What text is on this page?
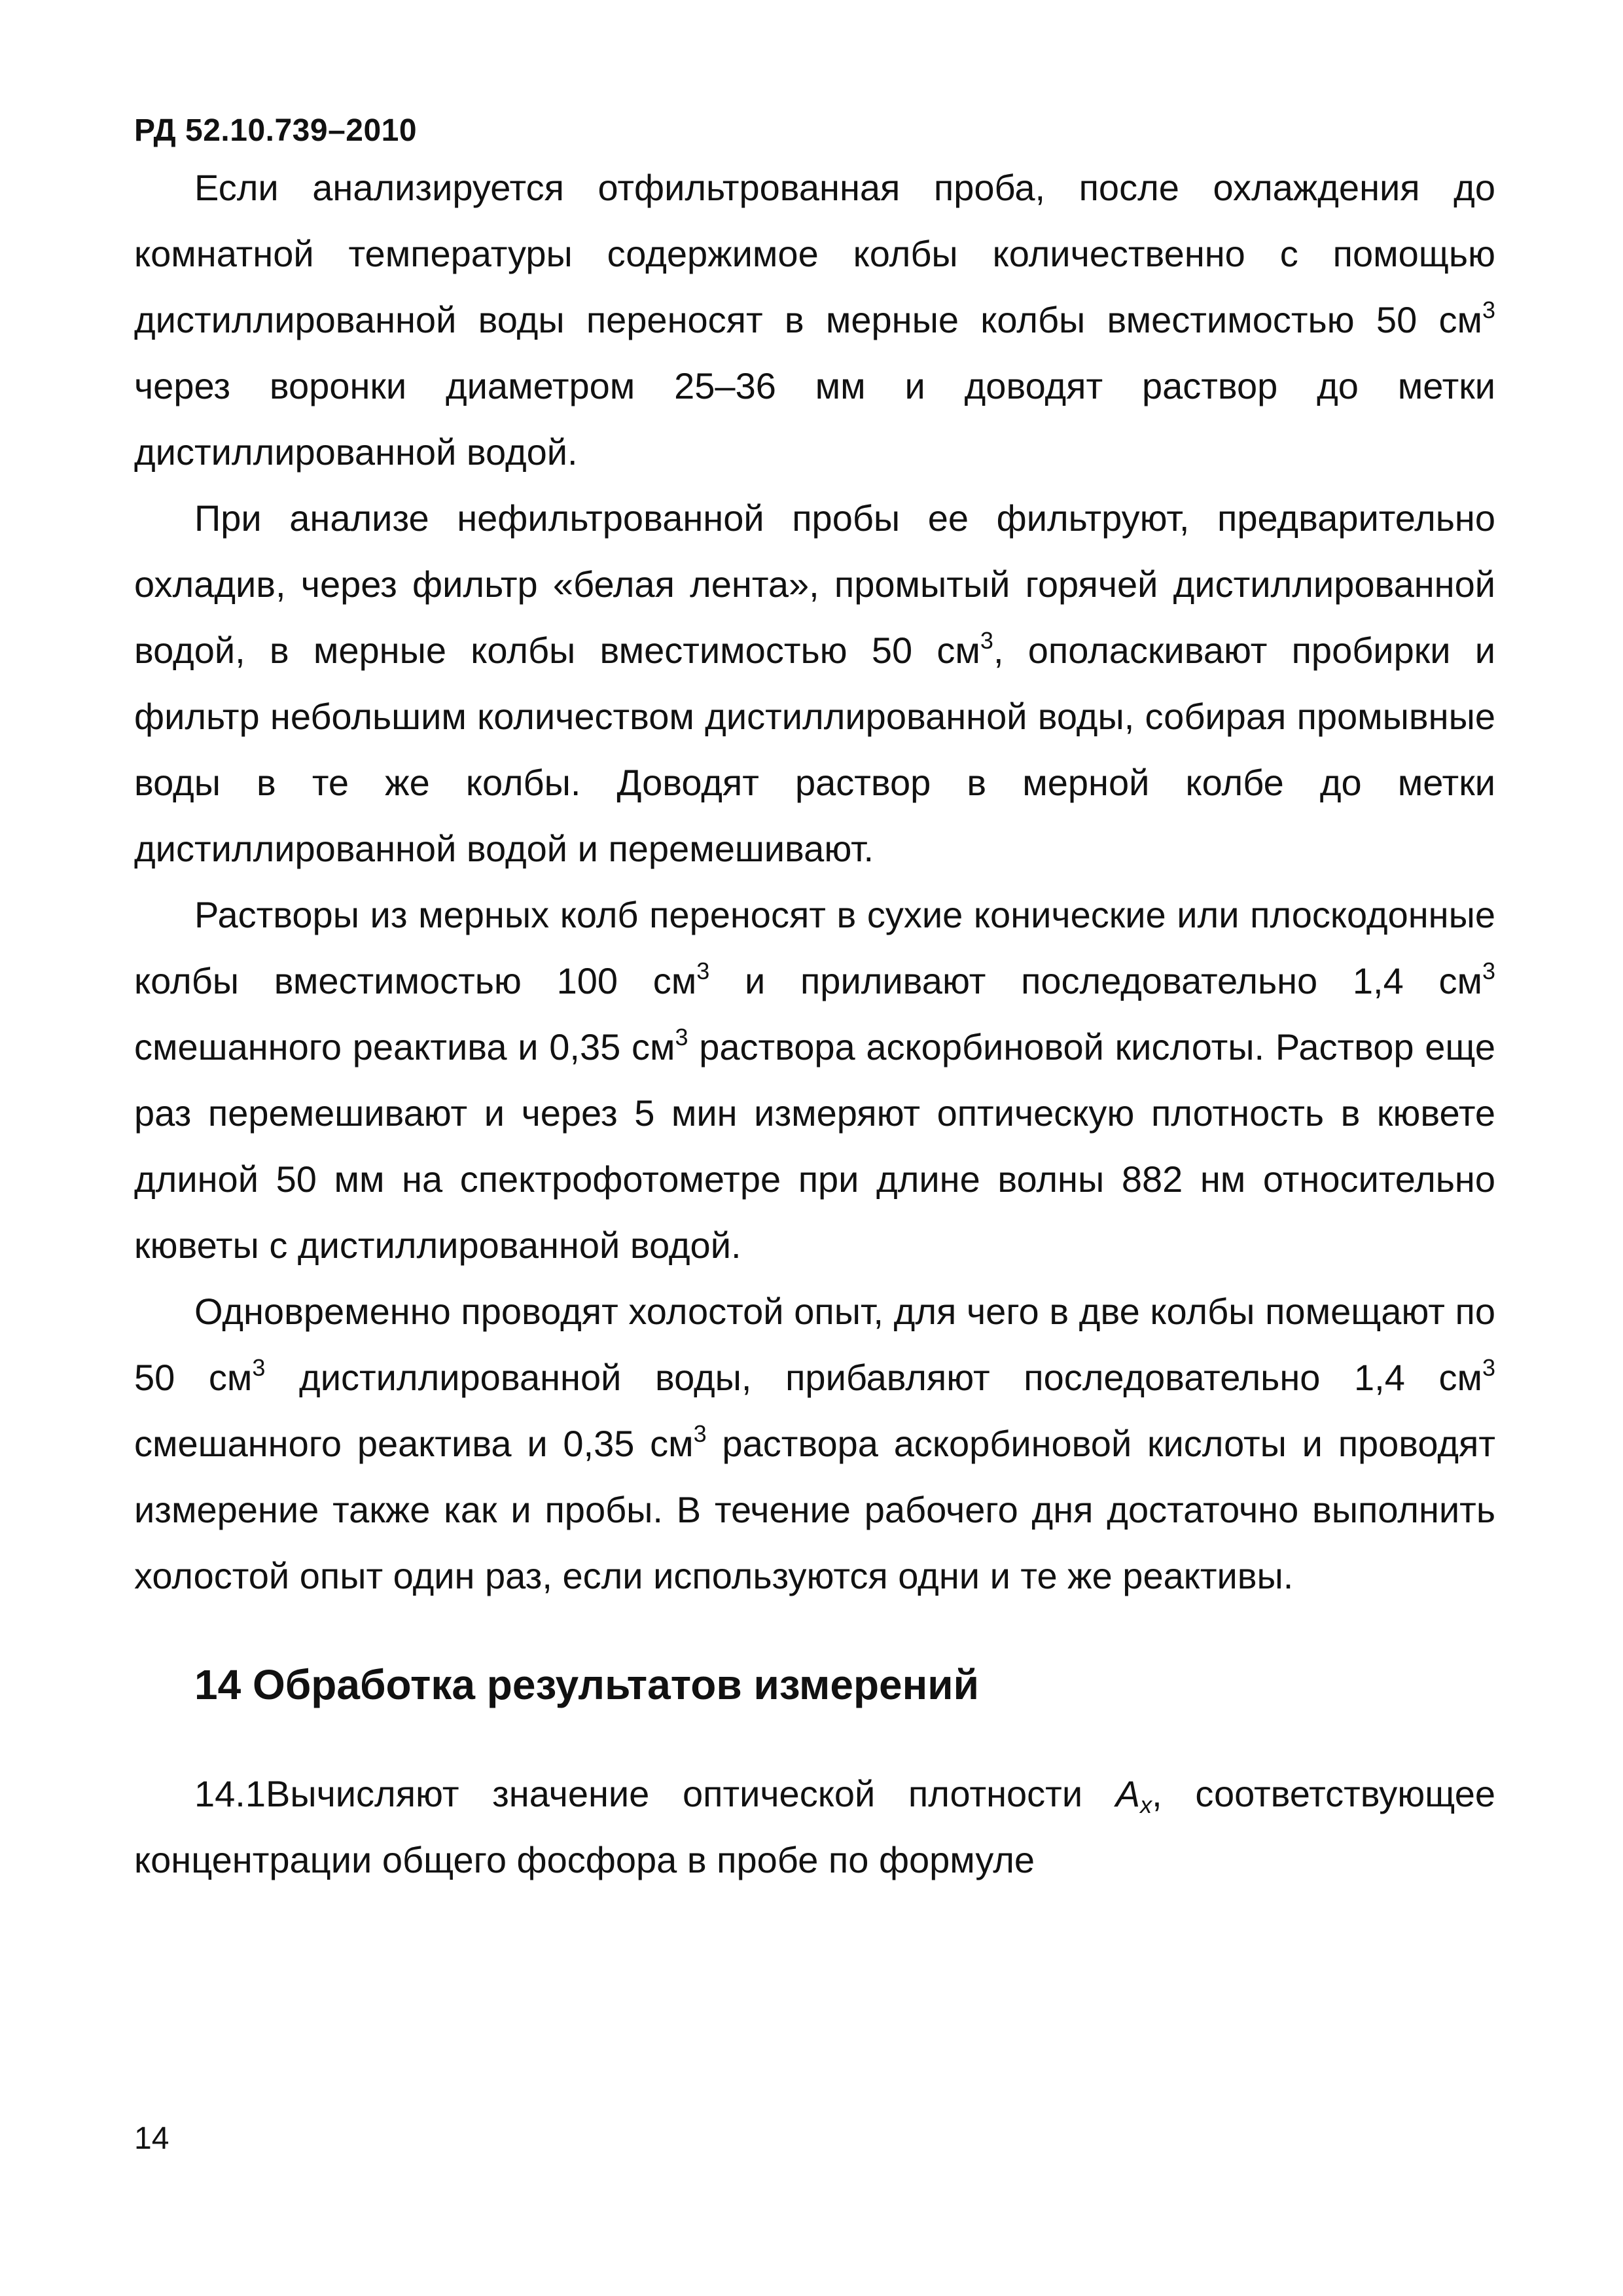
РД 52.10.739–2010

Если анализируется отфильтрованная проба, после охлаждения до комнатной температуры содержимое колбы количественно с помощью дистиллированной воды переносят в мерные колбы вместимостью 50 $см^3$ через воронки диаметром 25–36 мм и доводят раствор до метки дистиллированной водой.

При анализе нефильтрованной пробы ее фильтруют, предварительно охладив, через фильтр «белая лента», промытый горячей дистиллированной водой, в мерные колбы вместимостью 50 $см^3$, ополаскивают пробирки и фильтр небольшим количеством дистиллированной воды, собирая промывные воды в те же колбы. Доводят раствор в мерной колбе до метки дистиллированной водой и перемешивают.

Растворы из мерных колб переносят в сухие конические или плоскодонные колбы вместимостью 100 $см^3$ и приливают последовательно 1,4 $см^3$ смешанного реактива и 0,35 $см^3$ раствора аскорбиновой кислоты. Раствор еще раз перемешивают и через 5 мин измеряют оптическую плотность в кювете длиной 50 мм на спектрофотометре при длине волны 882 нм относительно кюветы с дистиллированной водой.

Одновременно проводят холостой опыт, для чего в две колбы помещают по 50 $см^3$ дистиллированной воды, прибавляют последовательно 1,4 $см^3$ смешанного реактива и 0,35 $см^3$ раствора аскорбиновой кислоты и проводят измерение также как и пробы. В течение рабочего дня достаточно выполнить холостой опыт один раз, если используются одни и те же реактивы.

14 Обработка результатов измерений

14.1Вычисляют значение оптической плотности $A_x$, соответствующее концентрации общего фосфора в пробе по формуле

14
